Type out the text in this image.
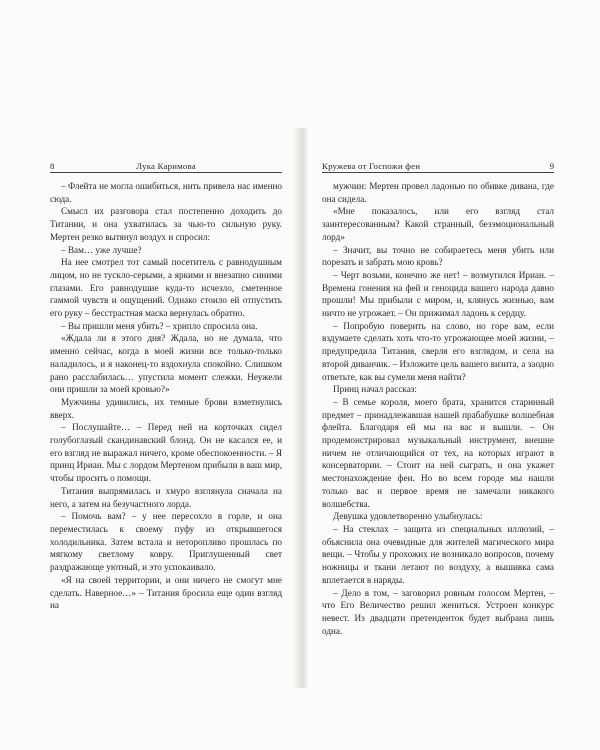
8	Лука Каримова

– Флейта не могла ошибиться, нить привела нас именно сюда.

Смысл их разговора стал постепенно доходить до Титании, и она ухватилась за чью-то сильную руку. Мертен резко вытянул воздух и спросил:

– Вам… уже лучше?

На нее смотрел тот самый посетитель с равнодушным лицом, но не тускло-серыми, а яркими и внезапно синими глазами. Его равнодушие куда-то исчезло, сметенное гаммой чувств и ощущений. Однако стоило ей отпустить его руку – бесстрастная маска вернулась обратно.

– Вы пришли меня убить? – хрипло спросила она.

«Ждала ли я этого дня? Ждала, но не думала, что именно сейчас, когда в моей жизни все только-только наладилось, и я наконец-то вздохнула спокойно. Слишком рано расслабилась… упустила момент слежки. Неужели они пришли за моей кровью?»

Мужчины удивились, их темные брови взметнулись вверх.

– Послушайте… – Перед ней на корточках сидел голубоглазый скандинавский блонд. Он не касался ее, и его взгляд не выражал ничего, кроме обеспокоенности. – Я принц Ириан. Мы с лордом Мертеном прибыли в ваш мир, чтобы просить о помощи.

Титания выпрямилась и хмуро взглянула сначала на него, а затем на безучастного лорда.

– Помочь вам? – у нее пересохло в горле, и она переместилась к своему пуфу из открывшегося холодильника. Затем встала и неторопливо прошлась по мягкому светлому ковру. Приглушенный свет раздражающе уютный, и это успокаивало.

«Я на своей территории, и они ничего не смогут мне сделать. Наверное…» – Титания бросила еще один взгляд на

Кружева от Госпожи феи	9

мужчин: Мертен провел ладонью по обивке дивана, где она сидела.

«Мне показалось, или его взгляд стал заинтересованным? Какой странный, безэмоциональный лорд»

– Значит, вы точно не собираетесь меня убить или порезать и забрать мою кровь?

– Черт возьми, конечно же нет! – возмутился Ириан. – Времена гонения на фей и геноцида вашего народа давно прошли! Мы прибыли с миром, и, клянусь жизнью, вам ничто не угрожает. – Он прижимал ладонь к сердцу.

– Попробую поверить на слово, но горе вам, если вздумаете сделать хоть что-то угрожающее моей жизни, – предупредила Титания, сверля его взглядом, и села на второй диванчик. – Изложите цель вашего визита, а заодно ответьте, как вы сумели меня найти?

Принц начал рассказ:

– В семье короля, моего брата, хранится старинный предмет – принадлежавшая нашей прабабушке волшебная флейта. Благодаря ей мы на вас и вышли. – Он продемонстрировал музыкальный инструмент, внешне ничем не отличающийся от тех, на которых играют в консерватории. – Стоит на ней сыграть, и она укажет местонахождение феи. Но во всем городе мы нашли только вас и первое время не замечали никакого волшебства.

Девушка удовлетворенно улыбнулась:

– На стеклах – защита из специальных иллюзий, – объяснила она очевидные для жителей магического мира вещи. – Чтобы у прохожих не возникало вопросов, почему ножницы и ткани летают по воздуху, а вышивка сама вплетается в наряды.

– Дело в том, – заговорил ровным голосом Мертен, – что Его Величество решил жениться. Устроен конкурс невест. Из двадцати претенденток будет выбрана лишь одна.
